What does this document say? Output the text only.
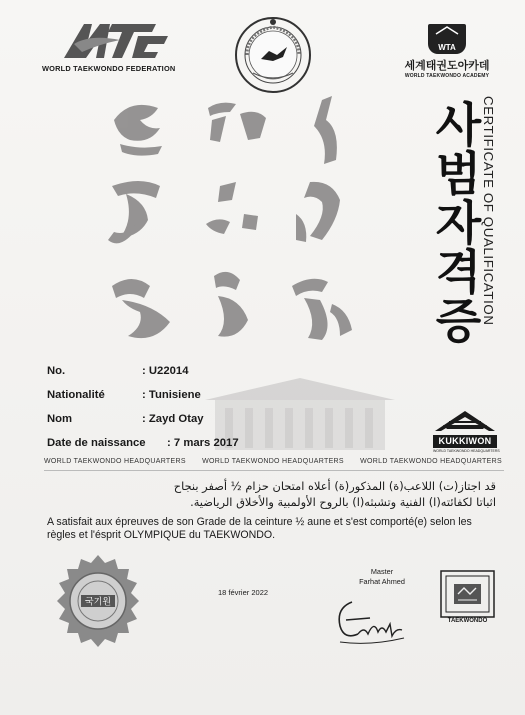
WORLD TAEKWONDO FEDERATION
WTA
세계태권도아카데
WORLD TAEKWONDO ACADEMY
사범자격증 CERTIFICATE OF QUALIFICATION
No.	: U22014
Nationalité	: Tunisiene
Nom	: Zayd Otay
Date de naissance : 7 mars 2017	KUKKIWON
WORLD TAEKWONDO HEADQUARTERS
WORLD TAEKWONDO HEADQUARTERS WORLD TAEKWONDO HEADQUARTERS WORLD TAEKWONDO HEADQUARTERS
قد اجتاز(ت) اللاعب(ة) المذكور(ة) أعلاه امتحان حزام ½ أصفر بنجاح
اثباتا لكفائته(ا) الفنية وتشبثه(ا) بالروح الأولمبية والأخلاق الرياضية.
A satisfait aux épreuves de son Grade de la ceinture ½ aune et s'est comporté(e) selon les règles et l'ésprit OLYMPIQUE du TAEKWONDO.
국기원
18 février 2022
Master
Farhat Ahmed
TAEKWONDO
